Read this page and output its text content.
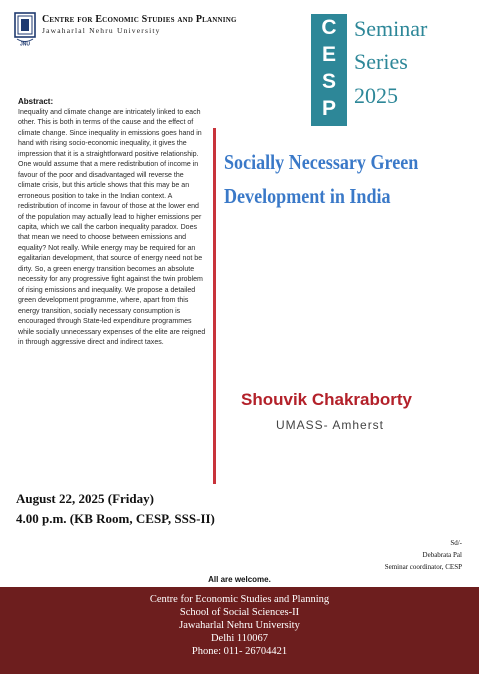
JNU
Centre for Economic Studies and Planning
Jawaharlal Nehru University	C
E
S
P
Seminar
Series
2025
Abstract:
Inequality and climate change are intricately linked to each other. This is both in terms of the cause and the effect of climate change. Since inequality in emissions goes hand in hand with rising socio-economic inequality, it gives the impression that it is a straightforward positive relationship. One would assume that a mere redistribution of income in favour of the poor and disadvantaged will reverse the climate crisis, but this article shows that this may be an erroneous position to take in the Indian context. A redistribution of income in favour of those at the lower end of the population may actually lead to higher emissions per capita, which we call the carbon inequality paradox. Does that mean we need to choose between emissions and equality? Not really. While energy may be required for an egalitarian development, that source of energy need not be dirty. So, a green energy transition becomes an absolute necessity for any progressive fight against the twin problem of rising emissions and inequality. We propose a detailed green development programme, where, apart from this energy transition, socially necessary consumption is encouraged through State-led expenditure programmes while socially unnecessary expenses of the elite are reigned in through aggressive direct and indirect taxes.
Socially Necessary Green
Development in India
Shouvik Chakraborty
UMASS- Amherst
August 22, 2025 (Friday)
4.00 p.m. (KB Room, CESP, SSS-II)
Sd/-
Debabrata Pal
Seminar coordinator, CESP
All are welcome.
Centre for Economic Studies and Planning
School of Social Sciences-II
Jawaharlal Nehru University
Delhi 110067
Phone: 011- 26704421
